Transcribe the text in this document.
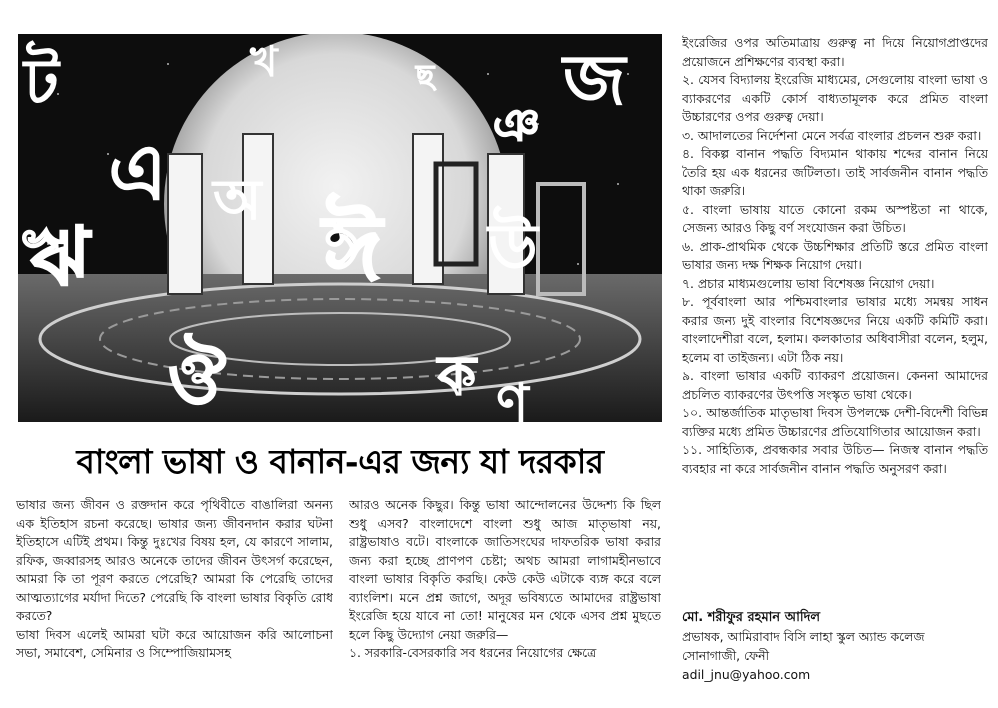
ট	খ	ছ জ
ঞ
এ অ
ঋ	ঈ উ
ঔ	ক ণ
বাংলা ভাষা ও বানান-এর জন্য যা দরকার

ভাষার জন্য জীবন ও রক্তদান করে পৃথিবীতে বাঙালিরা অনন্য এক ইতিহাস রচনা করেছে। ভাষার জন্য জীবনদান করার ঘটনা ইতিহাসে এটিই প্রথম। কিন্তু দুঃখের বিষয় হল, যে কারণে সালাম, রফিক, জব্বারসহ আরও অনেকে তাদের জীবন উৎসর্গ করেছেন, আমরা কি তা পূরণ করতে পেরেছি? আমরা কি পেরেছি তাদের আত্মত্যাগের মর্যাদা দিতে? পেরেছি কি বাংলা ভাষার বিকৃতি রোধ করতে?

ভাষা দিবস এলেই আমরা ঘটা করে আয়োজন করি আলোচনা সভা, সমাবেশ, সেমিনার ও সিম্পোজিয়ামসহ

আরও অনেক কিছুর। কিন্তু ভাষা আন্দোলনের উদ্দেশ্য কি ছিল শুধু এসব? বাংলাদেশে বাংলা শুধু আজ মাতৃভাষা নয়, রাষ্ট্রভাষাও বটে। বাংলাকে জাতিসংঘের দাফতরিক ভাষা করার জন্য করা হচ্ছে প্রাণপণ চেষ্টা; অথচ আমরা লাগামহীনভাবে বাংলা ভাষার বিকৃতি করছি। কেউ কেউ এটাকে ব্যঙ্গ করে বলে ব্যাংলিশ। মনে প্রশ্ন জাগে, অদূর ভবিষ্যতে আমাদের রাষ্ট্রভাষা ইংরেজি হয়ে যাবে না তো! মানুষের মন থেকে এসব প্রশ্ন মুছতে হলে কিছু উদ্যোগ নেয়া জরুরি—

১. সরকারি-বেসরকারি সব ধরনের নিয়োগের ক্ষেত্রে

ইংরেজির ওপর অতিমাত্রায় গুরুত্ব না দিয়ে নিয়োগপ্রাপ্তদের প্রয়োজনে প্রশিক্ষণের ব্যবস্থা করা।

২. যেসব বিদ্যালয় ইংরেজি মাধ্যমের, সেগুলোয় বাংলা ভাষা ও ব্যাকরণের একটি কোর্স বাধ্যতামূলক করে প্রমিত বাংলা উচ্চারণের ওপর গুরুত্ব দেয়া।

৩. আদালতের নির্দেশনা মেনে সর্বত্র বাংলার প্রচলন শুরু করা।

৪. বিকল্প বানান পদ্ধতি বিদ্যমান থাকায় শব্দের বানান নিয়ে তৈরি হয় এক ধরনের জটিলতা। তাই সার্বজনীন বানান পদ্ধতি থাকা জরুরি।

৫. বাংলা ভাষায় যাতে কোনো রকম অস্পষ্টতা না থাকে, সেজন্য আরও কিছু বর্ণ সংযোজন করা উচিত।

৬. প্রাক-প্রাথমিক থেকে উচ্চশিক্ষার প্রতিটি স্তরে প্রমিত বাংলা ভাষার জন্য দক্ষ শিক্ষক নিয়োগ দেয়া।

৭. প্রচার মাধ্যমগুলোয় ভাষা বিশেষজ্ঞ নিয়োগ দেয়া।

৮. পূর্ববাংলা আর পশ্চিমবাংলার ভাষার মধ্যে সমন্বয় সাধন করার জন্য দুই বাংলার বিশেষজ্ঞদের নিয়ে একটি কমিটি করা। বাংলাদেশীরা বলে, হলাম। কলকাতার অধিবাসীরা বলেন, হলুম, হলেম বা তাইজন্য। এটা ঠিক নয়।

৯. বাংলা ভাষার একটি ব্যাকরণ প্রয়োজন। কেননা আমাদের প্রচলিত ব্যাকরণের উৎপত্তি সংস্কৃত ভাষা থেকে।

১০. আন্তর্জাতিক মাতৃভাষা দিবস উপলক্ষে দেশী-বিদেশী বিভিন্ন ব্যক্তির মধ্যে প্রমিত উচ্চারণের প্রতিযোগিতার আয়োজন করা।

১১. সাহিত্যিক, প্রবন্ধকার সবার উচিত— নিজস্ব বানান পদ্ধতি ব্যবহার না করে সার্বজনীন বানান পদ্ধতি অনুসরণ করা।

মো. শরীফুর রহমান আদিল
প্রভাষক, আমিরাবাদ বিসি লাহা স্কুল অ্যান্ড কলেজ
সোনাগাজী, ফেনী
adil_jnu@yahoo.com
